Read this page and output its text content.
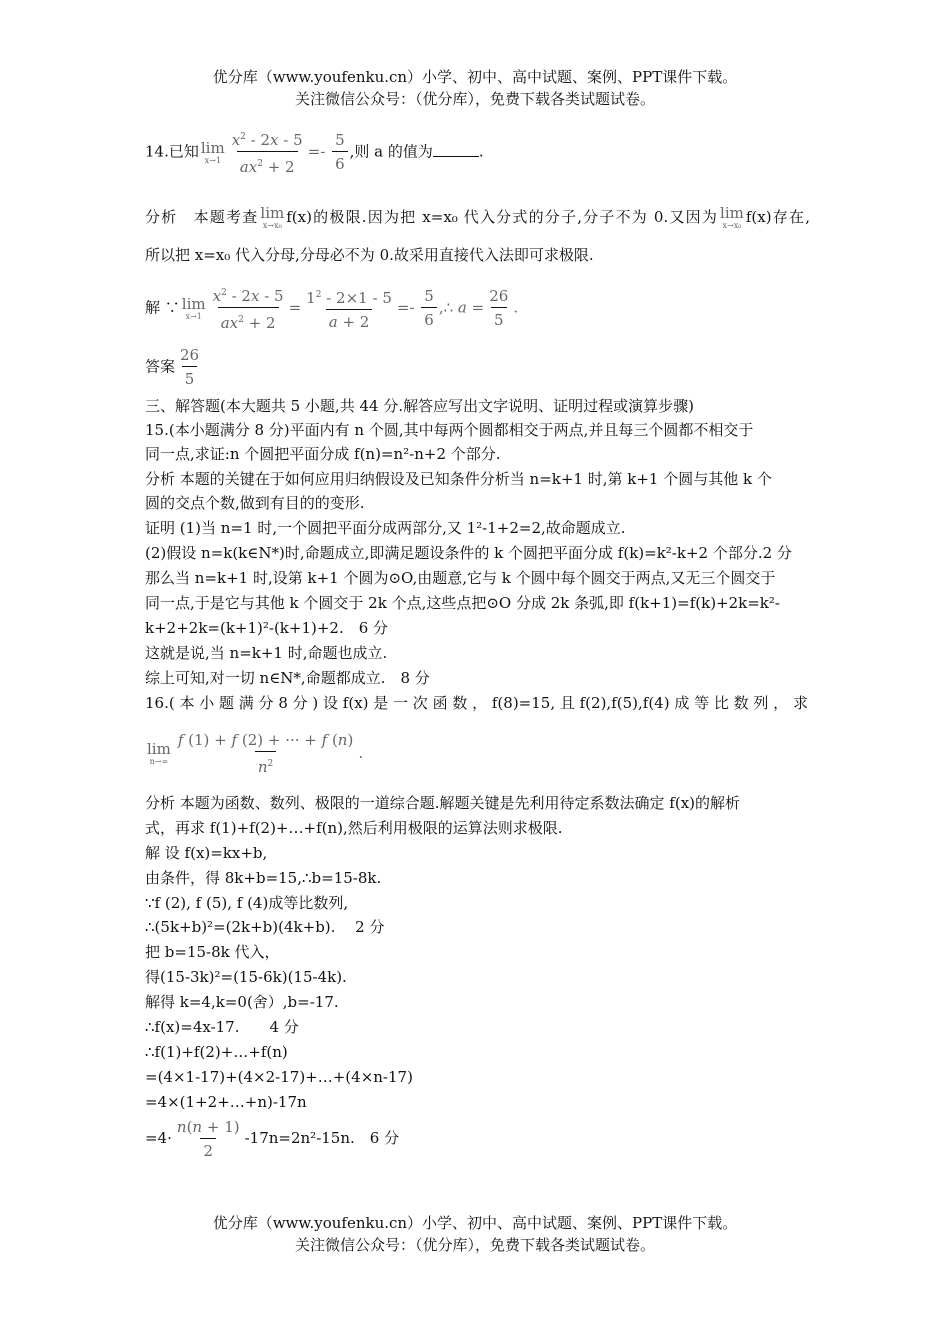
优分库（www.youfenku.cn）小学、初中、高中试题、案例、PPT课件下载。
关注微信公众号：（优分库），免费下载各类试题试卷。
14.已知 lim
$x\to 1 \frac{x^2 - 2x - 5}{ax^2 + 2} =- \frac{5}{6}$ ,则 a 的值为	.
分析　 本题考查 lim
x→x₀ f(x)的极限.因为把 x=x₀ 代入分式的分子,分子不为 0.又因为 lim
x→x₀ f(x)存在,
所以把 x=x₀ 代入分母,分母必不为 0.故采用直接代入法即可求极限.
解 ∵ lim
$x\to 1 \frac{x^2 - 2x - 5}{ax^2 + 2} = \frac{1^2 - 2\times 1 - 5}{a + 2} =- \frac{5}{6}$ ,∴ $a = \frac{26}{5}$ .
答案 $\frac{26}{5}$
三、解答题(本大题共 5 小题,共 44 分.解答应写出文字说明、证明过程或演算步骤)
15.(本小题满分 8 分)平面内有 n 个圆,其中每两个圆都相交于两点,并且每三个圆都不相交于
同一点,求证:n 个圆把平面分成 f(n)=n²-n+2 个部分.
分析 本题的关键在于如何应用归纳假设及已知条件分析当 n=k+1 时,第 k+1 个圆与其他 k 个
圆的交点个数,做到有目的的变形.
证明 (1)当 n=1 时,一个圆把平面分成两部分,又 1²-1+2=2,故命题成立.
(2)假设 n=k(k∈N*)时,命题成立,即满足题设条件的 k 个圆把平面分成 f(k)=k²-k+2 个部分.2 分
那么当 n=k+1 时,设第 k+1 个圆为⊙O,由题意,它与 k 个圆中每个圆交于两点,又无三个圆交于
同一点,于是它与其他 k 个圆交于 2k 个点,这些点把⊙O 分成 2k 条弧,即 f(k+1)=f(k)+2k=k²-
k+2+2k=(k+1)²-(k+1)+2.　6 分
这就是说,当 n=k+1 时,命题也成立.
综上可知,对一切 n∈N*,命题都成立.　8 分
16.( 本 小 题 满 分 8 分 ) 设 f(x) 是 一 次 函 数 ， f(8)=15, 且 f(2),f(5),f(4) 成 等 比 数 列 ， 求
lim
$n\to\infty \frac{f (1) + f (2) + \cdot\cdot\cdot + f (n)}{n^2}$ .
分析 本题为函数、数列、极限的一道综合题.解题关键是先利用待定系数法确定 f(x)的解析
式，再求 f(1)+f(2)+…+f(n),然后利用极限的运算法则求极限.
解 设 f(x)=kx+b,
由条件，得 8k+b=15,∴b=15-8k.
∵f (2), f (5), f (4)成等比数列,
∴(5k+b)²=(2k+b)(4k+b).　 2 分
把 b=15-8k 代入，
得(15-3k)²=(15-6k)(15-4k).
解得 k=4,k=0(舍）,b=-17.
∴f(x)=4x-17.　　4 分
∴f(1)+f(2)+…+f(n)
=(4×1-17)+(4×2-17)+…+(4×n-17)
=4×(1+2+…+n)-17n
$=4\cdot \frac{n(n + 1)}{2} -17n=2n^2-15n$.　6 分
优分库（www.youfenku.cn）小学、初中、高中试题、案例、PPT课件下载。
关注微信公众号：（优分库），免费下载各类试题试卷。
